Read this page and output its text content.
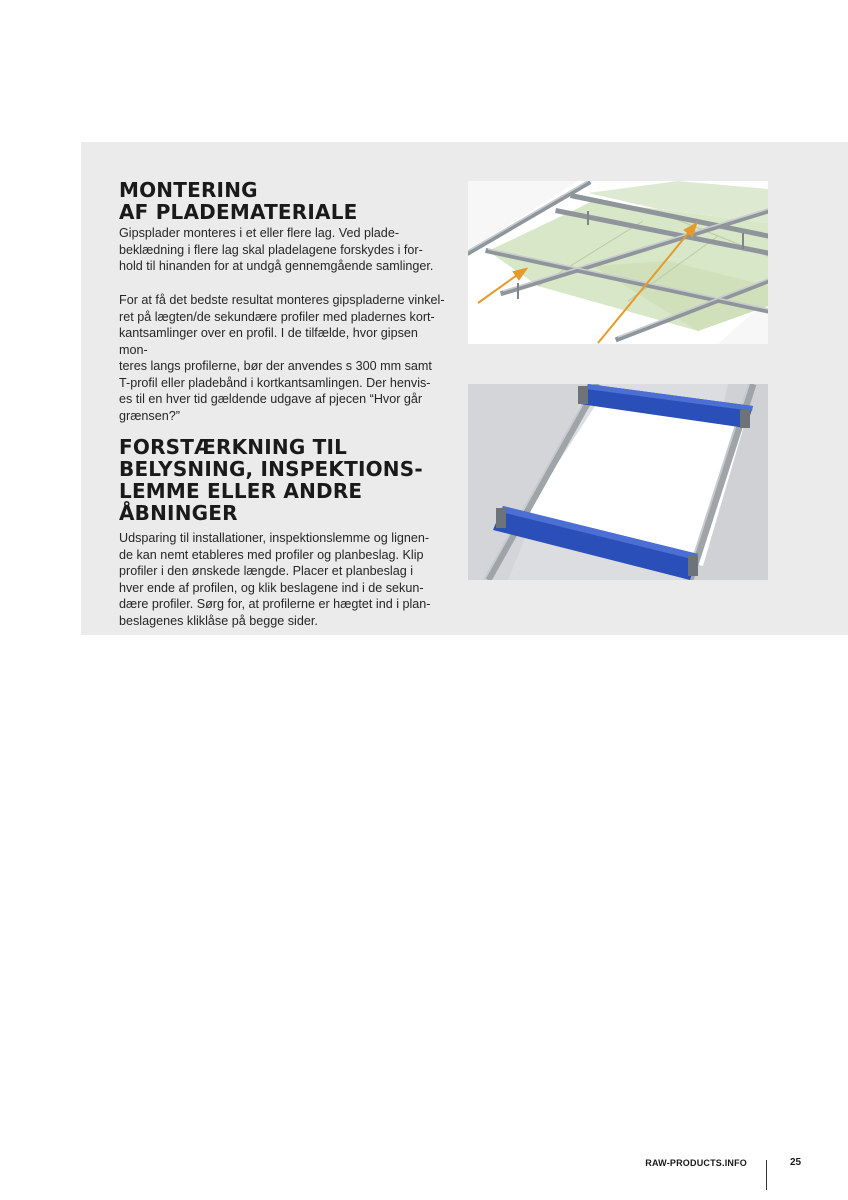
MONTERING
AF PLADEMATERIALE

Gipsplader monteres i et eller flere lag. Ved plade-
beklædning i flere lag skal pladelagene forskydes i for-
hold til hinanden for at undgå gennemgående samlinger.

For at få det bedste resultat monteres gipspladerne vinkel-
ret på lægten/de sekundære profiler med pladernes kort-
kantsamlinger over en profil. I de tilfælde, hvor gipsen mon-
teres langs profilerne, bør der anvendes s 300 mm samt
T-profil eller pladebånd i kortkantsamlingen. Der henvis-
es til en hver tid gældende udgave af pjecen “Hvor går
grænsen?”

FORSTÆRKNING TIL
BELYSNING, INSPEKTIONS-
LEMME ELLER ANDRE
ÅBNINGER

Udsparing til installationer, inspektionslemme og lignen-
de kan nemt etableres med profiler og planbeslag. Klip
profiler i den ønskede længde. Placer et planbeslag i
hver ende af profilen, og klik beslagene ind i de sekun-
dære profiler. Sørg for, at profilerne er hægtet ind i plan-
beslagenes kliklåse på begge sider.

RAW-PRODUCTS.INFO	25
